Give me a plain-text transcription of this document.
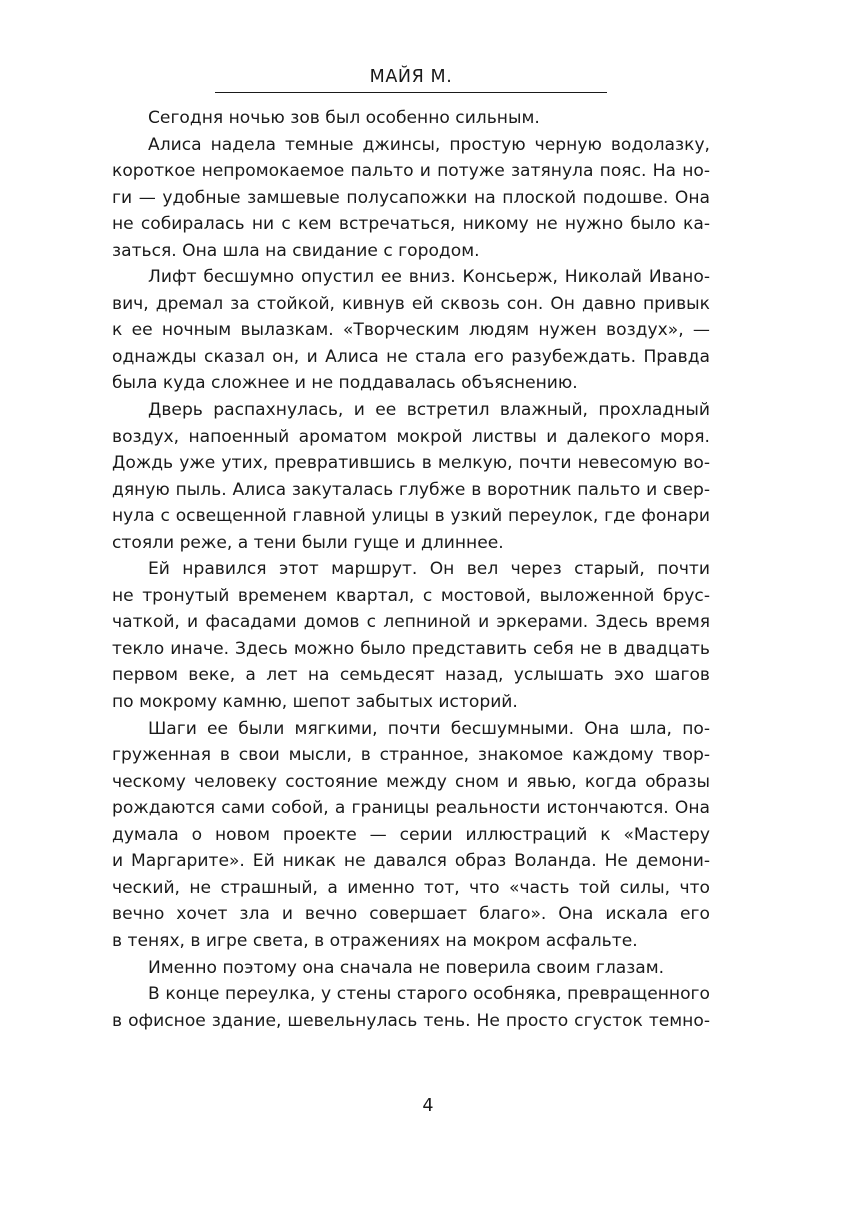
МАЙЯ М.
Сегодня ночью зов был особенно сильным.
Алиса надела темные джинсы, простую черную водолазку,
короткое непромокаемое пальто и потуже затянула пояс. На но-
ги — удобные замшевые полусапожки на плоской подошве. Она
не собиралась ни с кем встречаться, никому не нужно было ка-
заться. Она шла на свидание с городом.
Лифт бесшумно опустил ее вниз. Консьерж, Николай Ивано-
вич, дремал за стойкой, кивнув ей сквозь сон. Он давно привык
к ее ночным вылазкам. «Творческим людям нужен воздух», —
однажды сказал он, и Алиса не стала его разубеждать. Правда
была куда сложнее и не поддавалась объяснению.
Дверь распахнулась, и ее встретил влажный, прохладный
воздух, напоенный ароматом мокрой листвы и далекого моря.
Дождь уже утих, превратившись в мелкую, почти невесомую во-
дяную пыль. Алиса закуталась глубже в воротник пальто и свер-
нула с освещенной главной улицы в узкий переулок, где фонари
стояли реже, а тени были гуще и длиннее.
Ей нравился этот маршрут. Он вел через старый, почти
не тронутый временем квартал, с мостовой, выложенной брус-
чаткой, и фасадами домов с лепниной и эркерами. Здесь время
текло иначе. Здесь можно было представить себя не в двадцать
первом веке, а лет на семьдесят назад, услышать эхо шагов
по мокрому камню, шепот забытых историй.
Шаги ее были мягкими, почти бесшумными. Она шла, по-
груженная в свои мысли, в странное, знакомое каждому твор-
ческому человеку состояние между сном и явью, когда образы
рождаются сами собой, а границы реальности истончаются. Она
думала о новом проекте — серии иллюстраций к «Мастеру
и Маргарите». Ей никак не давался образ Воланда. Не демони-
ческий, не страшный, а именно тот, что «часть той силы, что
вечно хочет зла и вечно совершает благо». Она искала его
в тенях, в игре света, в отражениях на мокром асфальте.
Именно поэтому она сначала не поверила своим глазам.
В конце переулка, у стены старого особняка, превращенного
в офисное здание, шевельнулась тень. Не просто сгусток темно-
4
